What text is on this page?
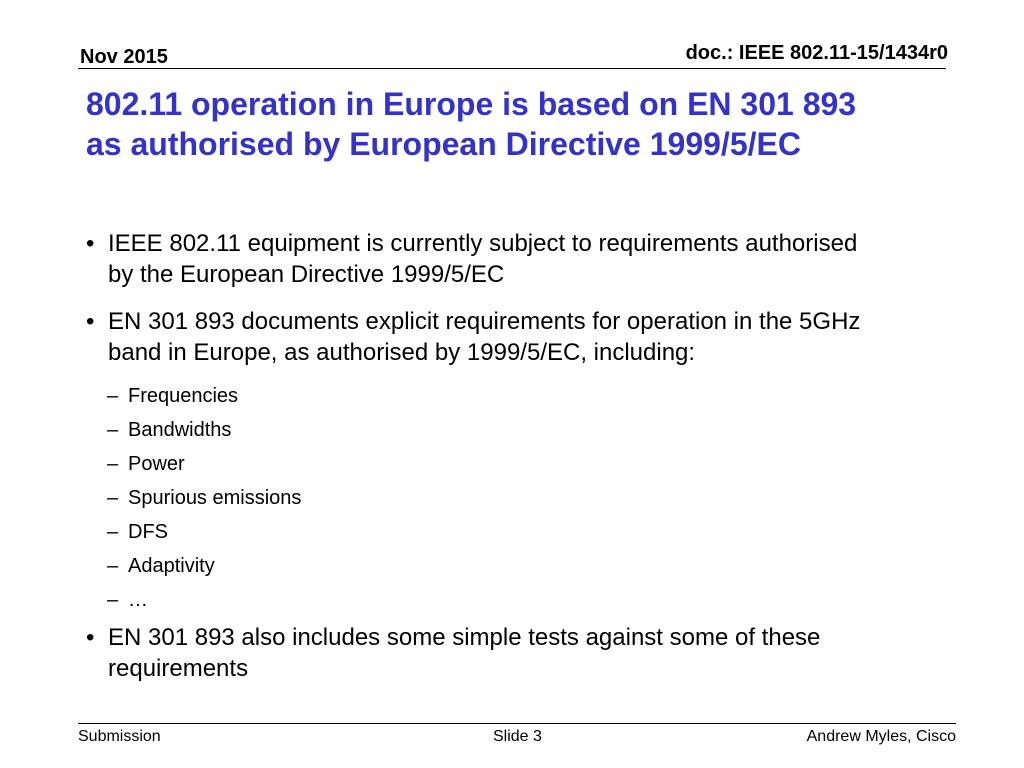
Nov 2015	doc.: IEEE 802.11-15/1434r0
802.11 operation in Europe is based on EN 301 893
as authorised by European Directive 1999/5/EC
• IEEE 802.11 equipment is currently subject to requirements authorised
by the European Directive 1999/5/EC
• EN 301 893 documents explicit requirements for operation in the 5GHz
band in Europe, as authorised by 1999/5/EC, including:
– Frequencies
– Bandwidths
– Power
– Spurious emissions
– DFS
– Adaptivity
– …
• EN 301 893 also includes some simple tests against some of these
requirements
Submission	Slide 3	Andrew Myles, Cisco
